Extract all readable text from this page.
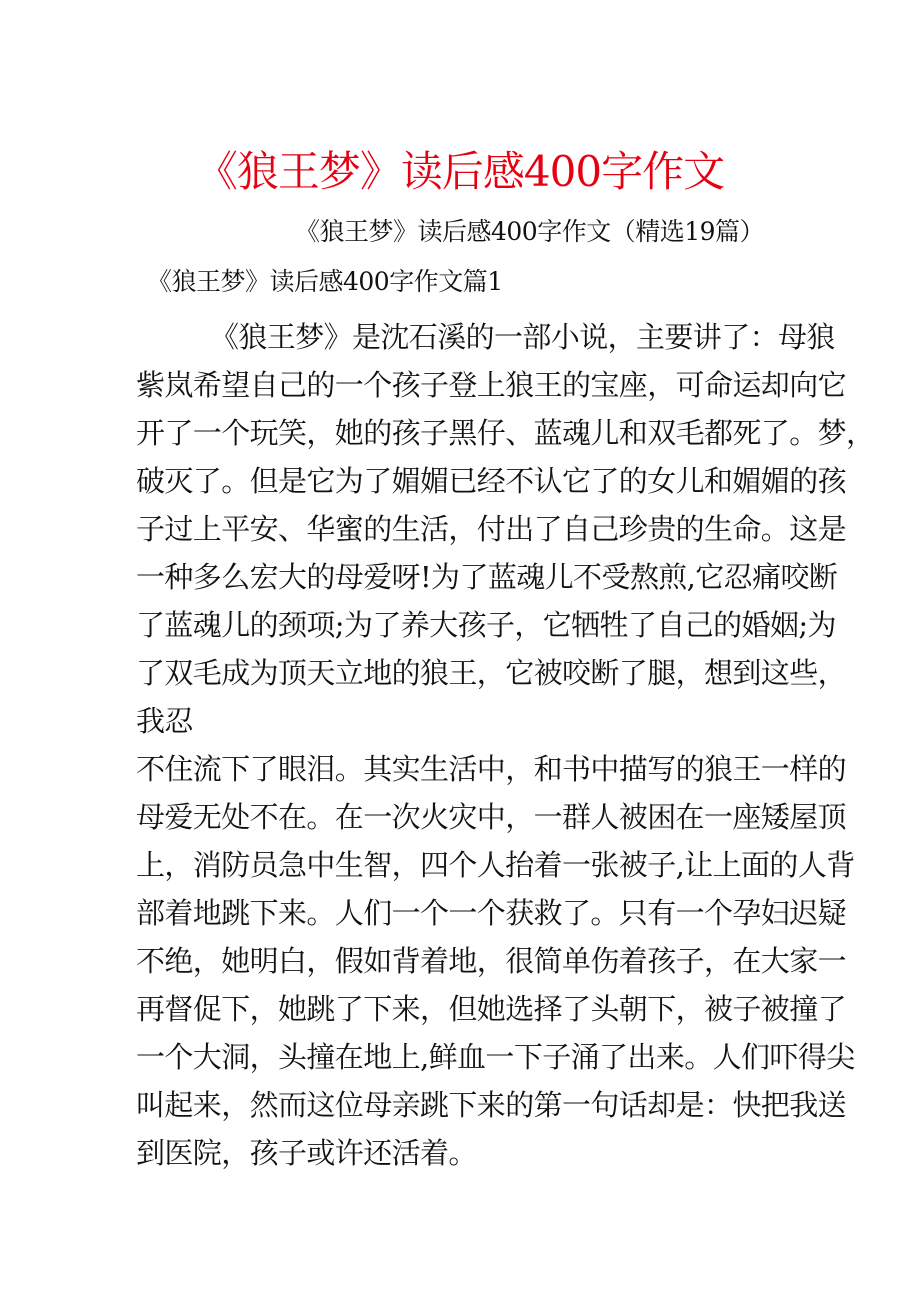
《狼王梦》读后感400字作文
《狼王梦》读后感400字作文（精选19篇）
《狼王梦》读后感400字作文篇1
《狼王梦》是沈石溪的一部小说，主要讲了：母狼
紫岚希望自己的一个孩子登上狼王的宝座，可命运却向它
开了一个玩笑，她的孩子黑仔、蓝魂儿和双毛都死了。梦，
破灭了。但是它为了媚媚已经不认它了的女儿和媚媚的孩
子过上平安、华蜜的生活，付出了自己珍贵的生命。这是
一种多么宏大的母爱呀!为了蓝魂儿不受熬煎,它忍痛咬断
了蓝魂儿的颈项;为了养大孩子，它牺牲了自己的婚姻;为
了双毛成为顶天立地的狼王，它被咬断了腿，想到这些，
我忍
不住流下了眼泪。其实生活中，和书中描写的狼王一样的
母爱无处不在。在一次火灾中，一群人被困在一座矮屋顶
上，消防员急中生智，四个人抬着一张被子,让上面的人背
部着地跳下来。人们一个一个获救了。只有一个孕妇迟疑
不绝，她明白，假如背着地，很简单伤着孩子，在大家一
再督促下，她跳了下来，但她选择了头朝下，被子被撞了
一个大洞，头撞在地上,鲜血一下子涌了出来。人们吓得尖
叫起来，然而这位母亲跳下来的第一句话却是：快把我送
到医院，孩子或许还活着。
